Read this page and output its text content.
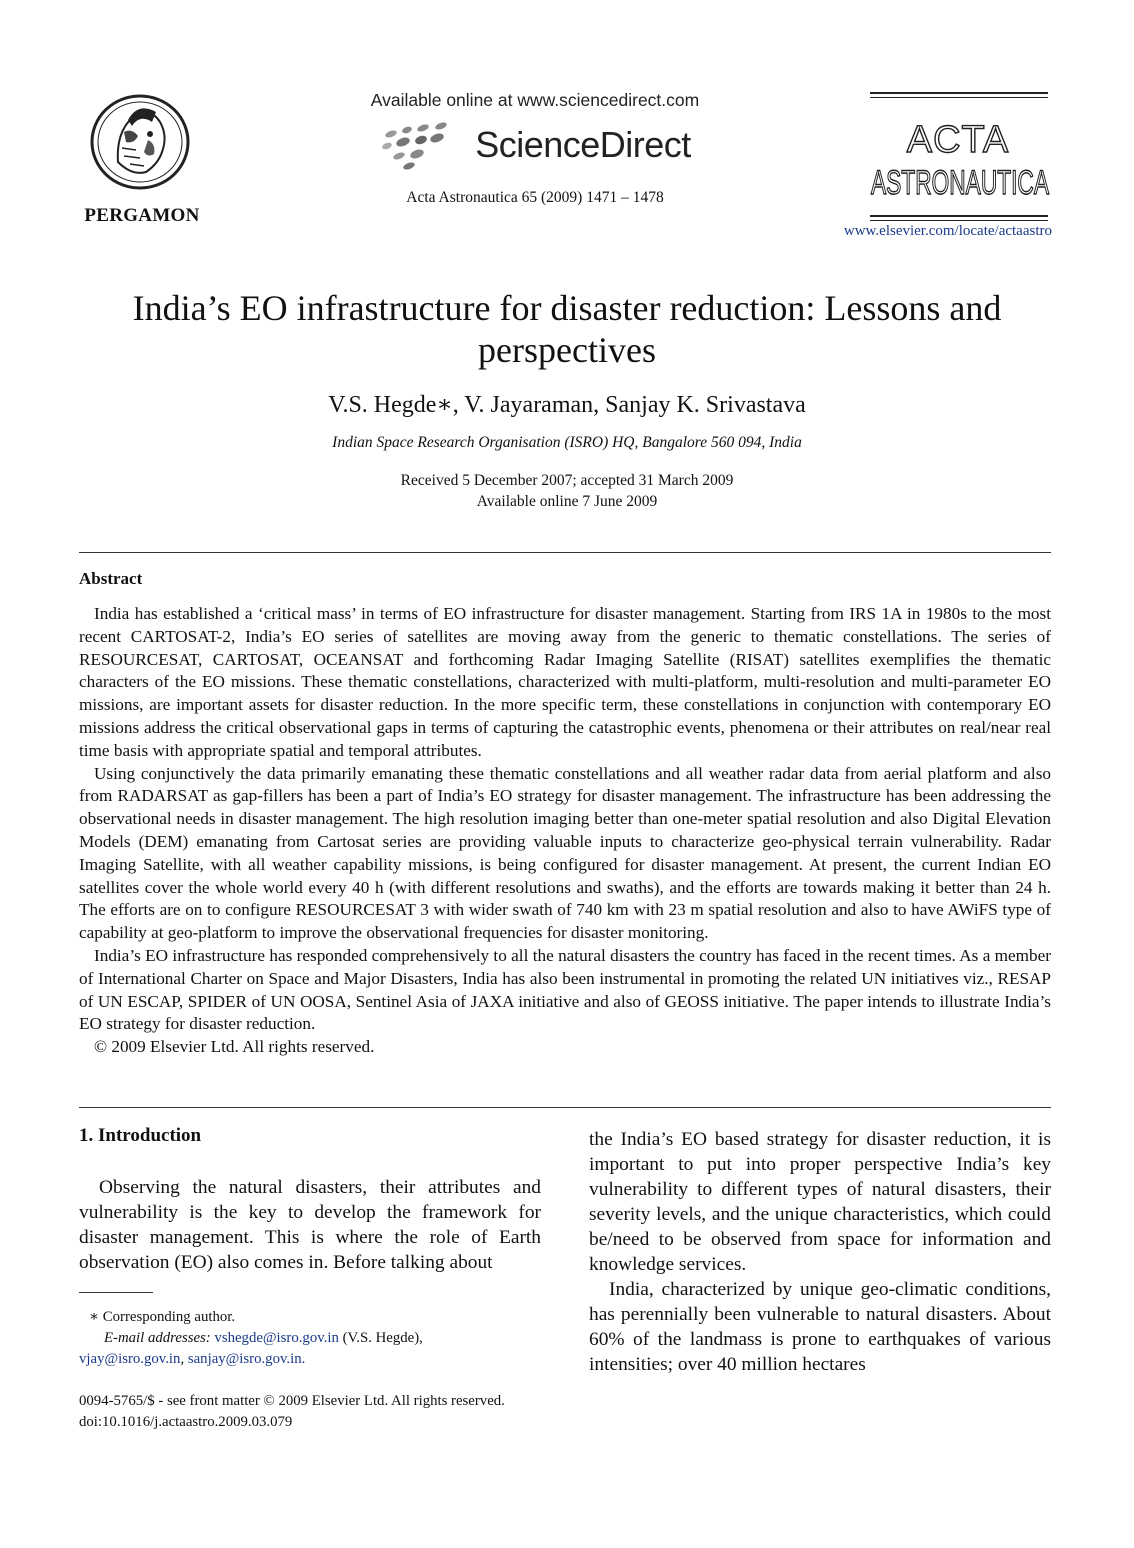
PERGAMON
Available online at www.sciencedirect.com
ScienceDirect
Acta Astronautica 65 (2009) 1471 – 1478
ACTA
ASTRONAUTICA
www.elsevier.com/locate/actaastro
India’s EO infrastructure for disaster reduction: Lessons and perspectives
V.S. Hegde∗, V. Jayaraman, Sanjay K. Srivastava
Indian Space Research Organisation (ISRO) HQ, Bangalore 560 094, India
Received 5 December 2007; accepted 31 March 2009
Available online 7 June 2009
Abstract

India has established a ‘critical mass’ in terms of EO infrastructure for disaster management. Starting from IRS 1A in 1980s to the most recent CARTOSAT-2, India’s EO series of satellites are moving away from the generic to thematic constellations. The series of RESOURCESAT, CARTOSAT, OCEANSAT and forthcoming Radar Imaging Satellite (RISAT) satellites exemplifies the thematic characters of the EO missions. These thematic constellations, characterized with multi-platform, multi-resolution and multi-parameter EO missions, are important assets for disaster reduction. In the more specific term, these constellations in conjunction with contemporary EO missions address the critical observational gaps in terms of capturing the catastrophic events, phenomena or their attributes on real/near real time basis with appropriate spatial and temporal attributes.

Using conjunctively the data primarily emanating these thematic constellations and all weather radar data from aerial platform and also from RADARSAT as gap-fillers has been a part of India’s EO strategy for disaster management. The infrastructure has been addressing the observational needs in disaster management. The high resolution imaging better than one-meter spatial resolution and also Digital Elevation Models (DEM) emanating from Cartosat series are providing valuable inputs to characterize geo-physical terrain vulnerability. Radar Imaging Satellite, with all weather capability missions, is being configured for disaster management. At present, the current Indian EO satellites cover the whole world every 40 h (with different resolutions and swaths), and the efforts are towards making it better than 24 h. The efforts are on to configure RESOURCESAT 3 with wider swath of 740 km with 23 m spatial resolution and also to have AWiFS type of capability at geo-platform to improve the observational frequencies for disaster monitoring.

India’s EO infrastructure has responded comprehensively to all the natural disasters the country has faced in the recent times. As a member of International Charter on Space and Major Disasters, India has also been instrumental in promoting the related UN initiatives viz., RESAP of UN ESCAP, SPIDER of UN OOSA, Sentinel Asia of JAXA initiative and also of GEOSS initiative. The paper intends to illustrate India’s EO strategy for disaster reduction.

© 2009 Elsevier Ltd. All rights reserved.

1. Introduction

Observing the natural disasters, their attributes and vulnerability is the key to develop the framework for disaster management. This is where the role of Earth observation (EO) also comes in. Before talking about

∗ Corresponding author.

E-mail addresses: vshegde@isro.gov.in (V.S. Hegde),

vjay@isro.gov.in, sanjay@isro.gov.in.

0094-5765/$ - see front matter © 2009 Elsevier Ltd. All rights reserved.
doi:10.1016/j.actaastro.2009.03.079

the India’s EO based strategy for disaster reduction, it is important to put into proper perspective India’s key vulnerability to different types of natural disasters, their severity levels, and the unique characteristics, which could be/need to be observed from space for information and knowledge services.

India, characterized by unique geo-climatic conditions, has perennially been vulnerable to natural disasters. About 60% of the landmass is prone to earthquakes of various intensities; over 40 million hectares
